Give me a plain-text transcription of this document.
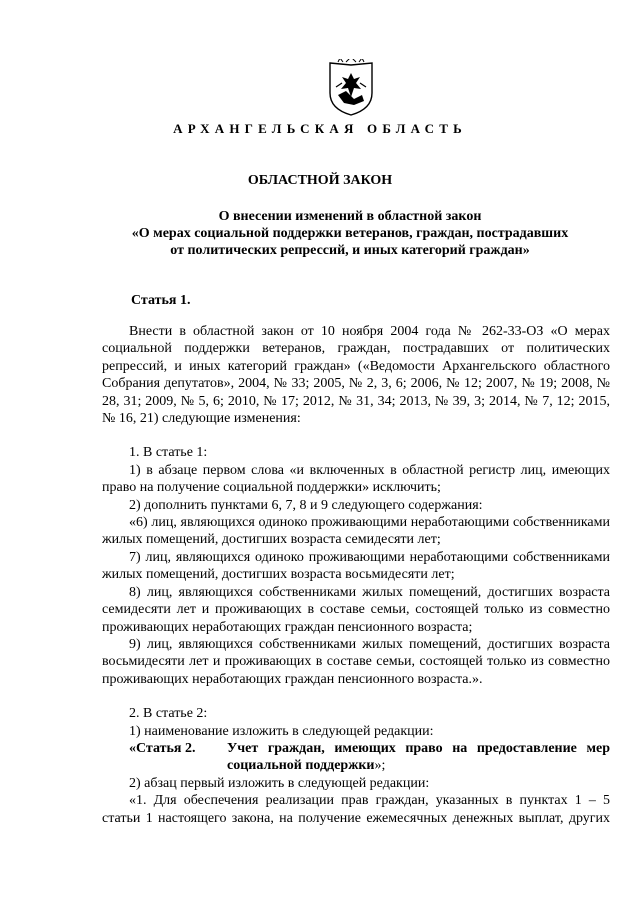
АРХАНГЕЛЬСКАЯ ОБЛАСТЬ
ОБЛАСТНОЙ ЗАКОН
О внесении изменений в областной закон
«О мерах социальной поддержки ветеранов, граждан, пострадавших
от политических репрессий, и иных категорий граждан»
Статья 1.

Внести в областной закон от 10 ноября 2004 года № 262-33-ОЗ «О мерах социальной поддержки ветеранов, граждан, пострадавших от политических репрессий, и иных категорий граждан» («Ведомости Архангельского областного Собрания депутатов», 2004, № 33; 2005, № 2, 3, 6; 2006, № 12; 2007, № 19; 2008, № 28, 31; 2009, № 5, 6; 2010, № 17; 2012, № 31, 34; 2013, № 39, 3; 2014, № 7, 12; 2015, № 16, 21) следующие изменения:

1. В статье 1:

1) в абзаце первом слова «и включенных в областной регистр лиц, имеющих право на получение социальной поддержки» исключить;

2) дополнить пунктами 6, 7, 8 и 9 следующего содержания:

«6) лиц, являющихся одиноко проживающими неработающими собственниками жилых помещений, достигших возраста семидесяти лет;

7) лиц, являющихся одиноко проживающими неработающими собственниками жилых помещений, достигших возраста восьмидесяти лет;

8) лиц, являющихся собственниками жилых помещений, достигших возраста семидесяти лет и проживающих в составе семьи, состоящей только из совместно проживающих неработающих граждан пенсионного возраста;

9) лиц, являющихся собственниками жилых помещений, достигших возраста восьмидесяти лет и проживающих в составе семьи, состоящей только из совместно проживающих неработающих граждан пенсионного возраста.».

2. В статье 2:

1) наименование изложить в следующей редакции:

«Статья 2.	Учет граждан, имеющих право на предоставление мер социальной поддержки»;

2) абзац первый изложить в следующей редакции:

«1. Для обеспечения реализации прав граждан, указанных в пунктах 1 – 5 статьи 1 настоящего закона, на получение ежемесячных денежных выплат, других
